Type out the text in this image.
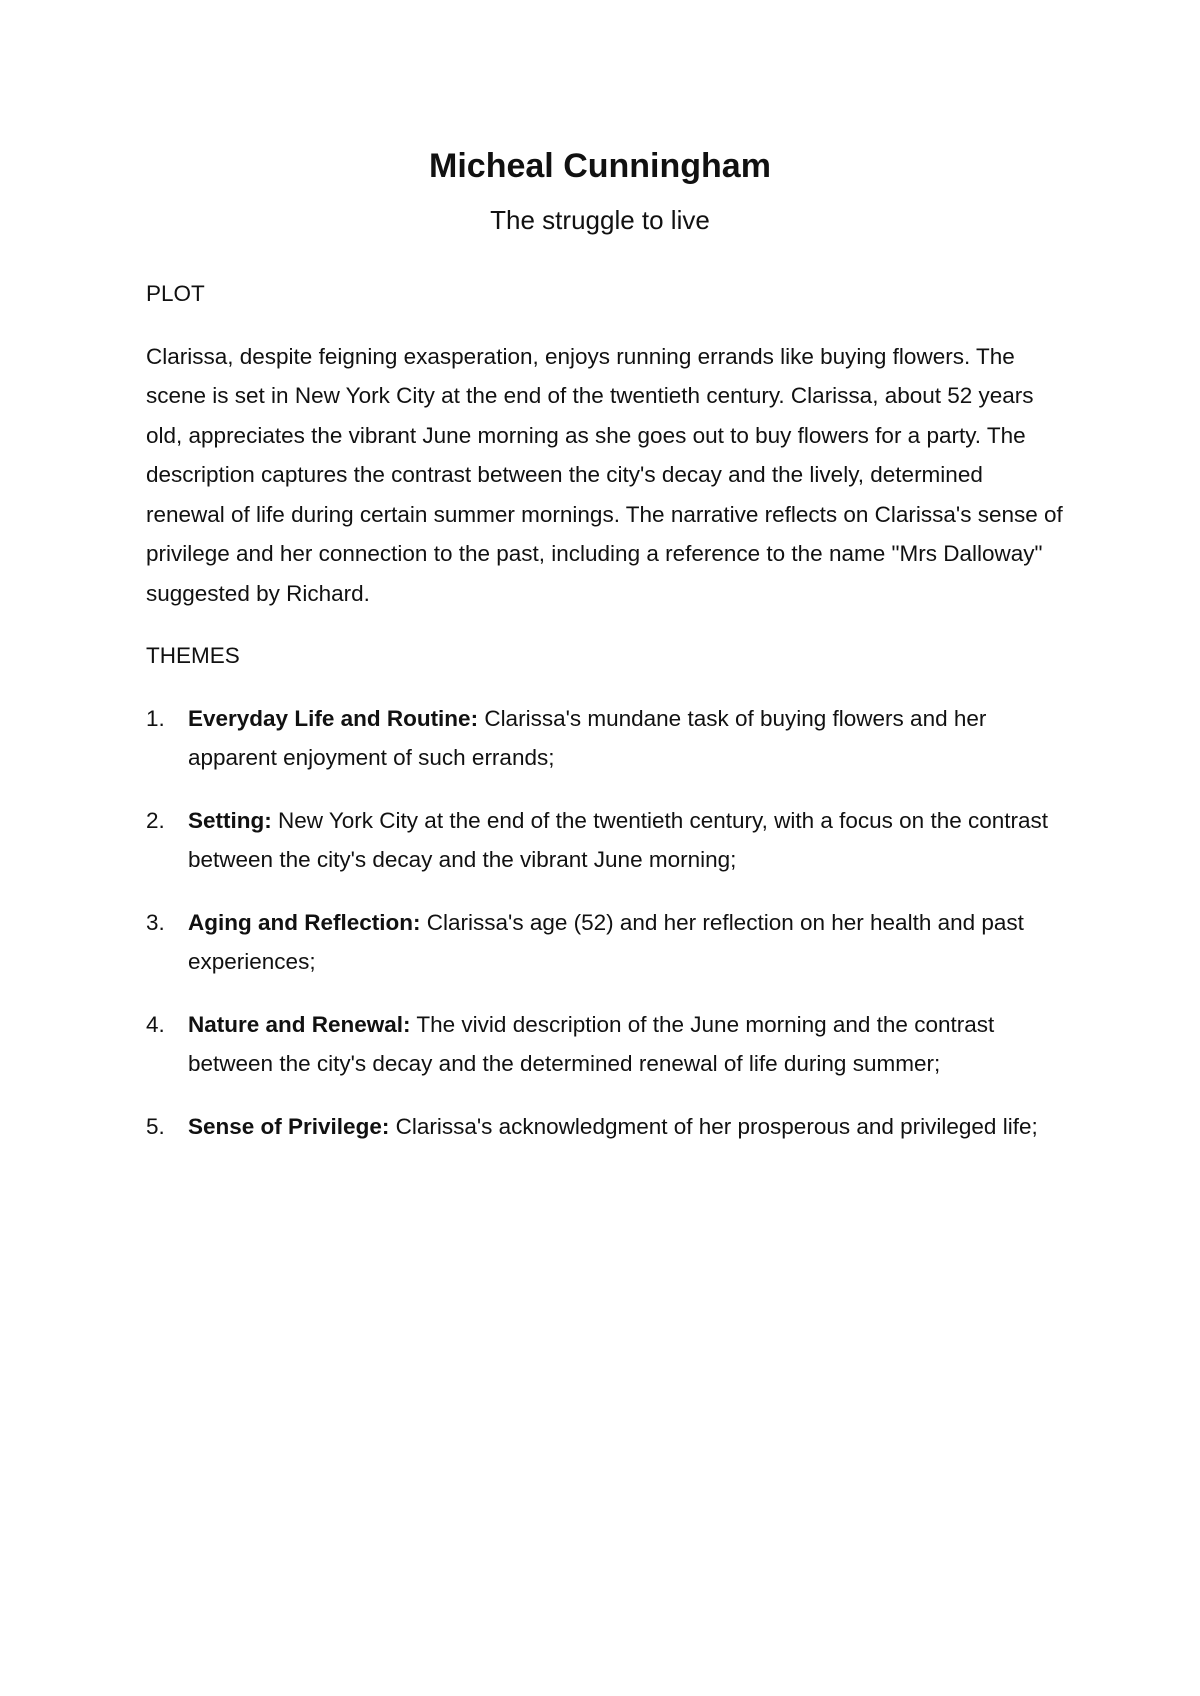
Micheal Cunningham
The struggle to live

PLOT

Clarissa, despite feigning exasperation, enjoys running errands like buying flowers. The scene is set in New York City at the end of the twentieth century. Clarissa, about 52 years old, appreciates the vibrant June morning as she goes out to buy flowers for a party. The description captures the contrast between the city's decay and the lively, determined renewal of life during certain summer mornings. The narrative reflects on Clarissa's sense of privilege and her connection to the past, including a reference to the name "Mrs Dalloway" suggested by Richard.

THEMES

1. Everyday Life and Routine: Clarissa's mundane task of buying flowers and her apparent enjoyment of such errands;
2. Setting: New York City at the end of the twentieth century, with a focus on the contrast between the city's decay and the vibrant June morning;
3. Aging and Reflection: Clarissa's age (52) and her reflection on her health and past experiences;
4. Nature and Renewal: The vivid description of the June morning and the contrast between the city's decay and the determined renewal of life during summer;
5. Sense of Privilege: Clarissa's acknowledgment of her prosperous and privileged life;
